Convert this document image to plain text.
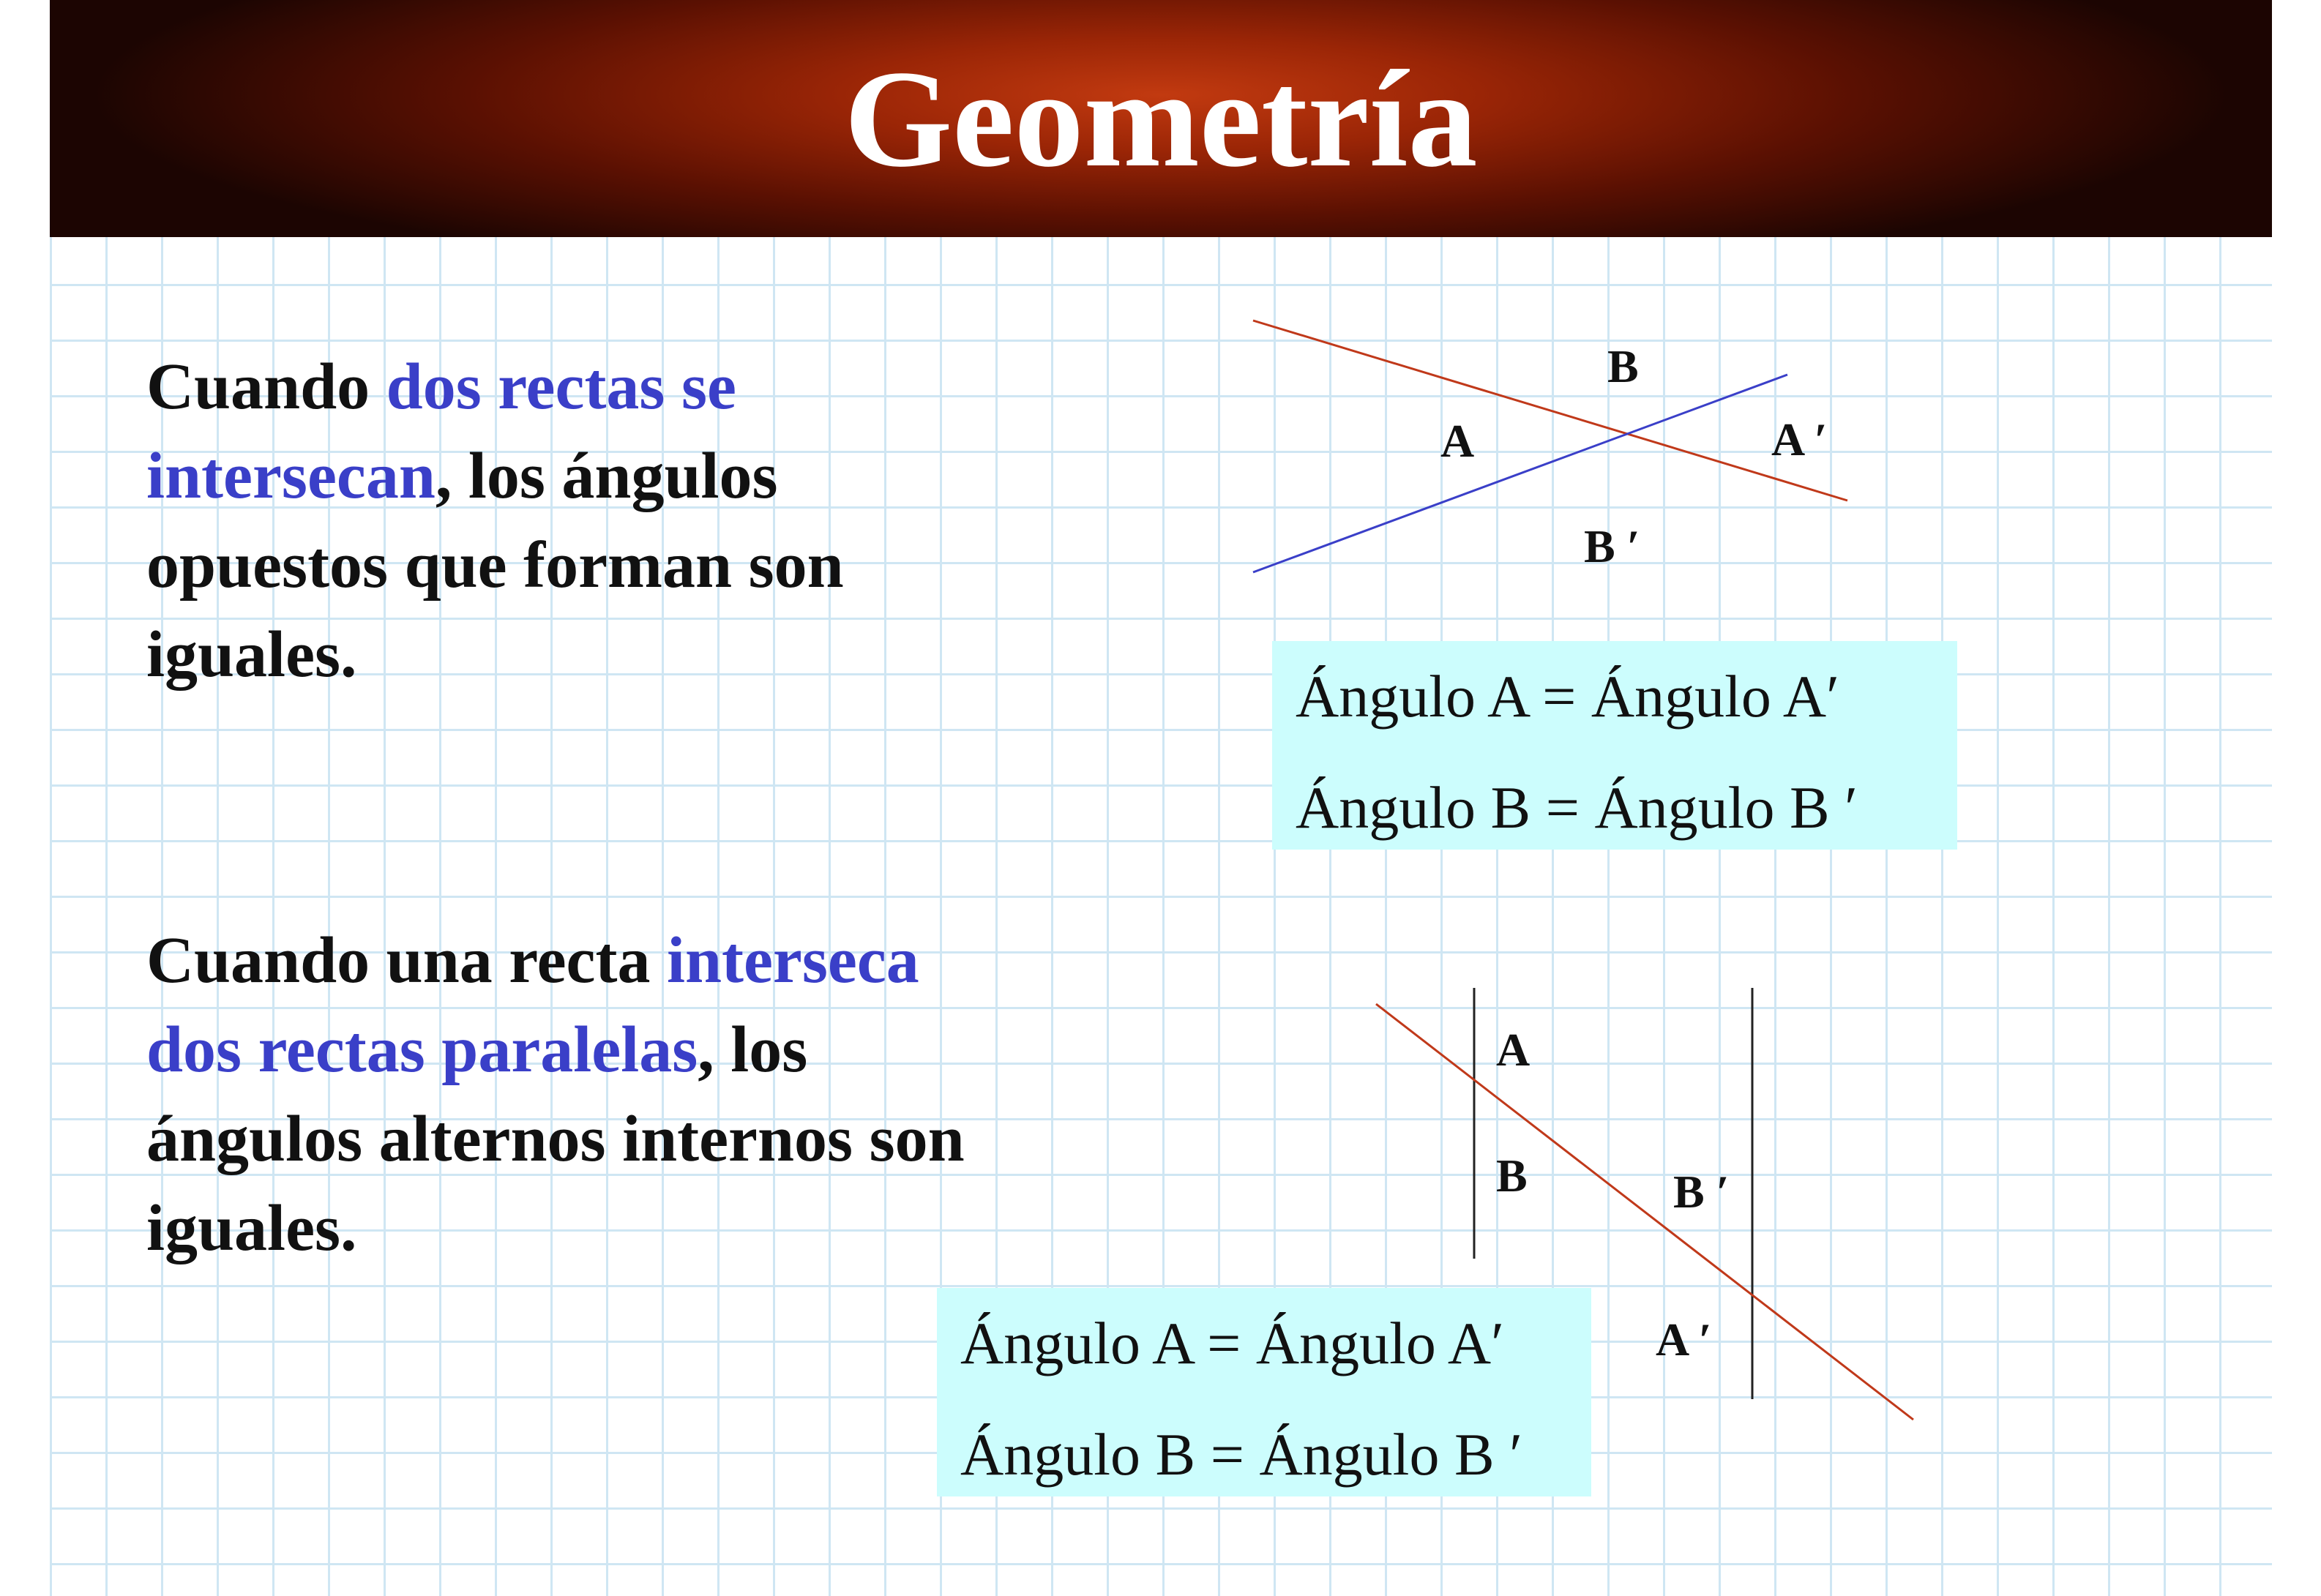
Geometría
Cuando dos rectas se intersecan, los ángulos opuestos que forman son iguales.
Cuando una recta interseca dos rectas paralelas, los ángulos alternos internos son iguales.
B
A	A ′
B ′
A
B	B ′
A ′
Ángulo A = Ángulo A′
Ángulo B = Ángulo B ′
Ángulo A = Ángulo A′
Ángulo B = Ángulo B ′
